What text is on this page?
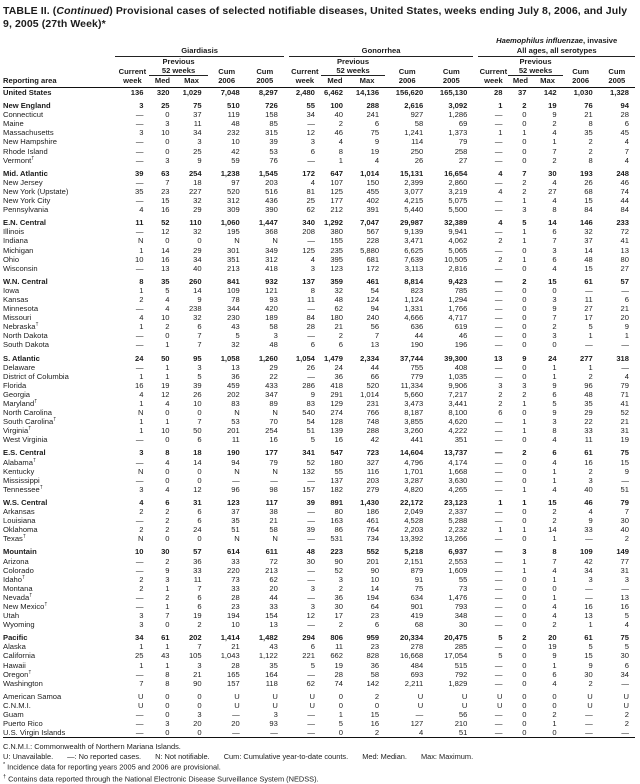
TABLE II. (Continued) Provisional cases of selected notifiable diseases, United States, weeks ending July 8, 2006, and July 9, 2005 (27th Week)*
													Haemophilus influenzae, invasive				
	Giardiasis						Gonorrhea						All ages, all serotypes				
		Previous						Previous						Previous			
	Current	52 weeks		Cum	Cum		Current	52 weeks		Cum	Cum		Current	52 weeks		Cum	Cum
Reporting area	week	Med	Max	2006	2005		week	Med	Max	2006	2005		week	Med	Max	2006	2005
United States	136	320	1,029	7,048	8,297		2,480	6,462	14,136	156,620	165,130		28	37	142	1,030	1,328

New England	3	25	75	510	726		55	100	288	2,616	3,092		1	2	19	76	94
Connecticut	—	0	37	119	158		34	40	241	927	1,286		—	0	9	21	28
Maine	—	3	11	48	85		—	2	6	58	69		—	0	2	8	6
Massachusetts	3	10	34	232	315		12	46	75	1,241	1,373		1	1	4	35	45
New Hampshire	—	0	3	10	39		3	4	9	114	79		—	0	1	2	4
Rhode Island	—	0	25	42	53		6	8	19	250	258		—	0	7	2	7
Vermont†	—	3	9	59	76		—	1	4	26	27		—	0	2	8	4

Mid. Atlantic	39	63	254	1,238	1,545		172	647	1,014	15,131	16,654		4	7	30	193	248
New Jersey	—	7	18	97	203		4	107	150	2,399	2,860		—	2	4	26	46
New York (Upstate)	35	23	227	520	516		81	125	455	3,077	3,219		4	2	27	68	74
New York City	—	15	32	312	436		25	177	402	4,215	5,075		—	1	4	15	44
Pennsylvania	4	16	29	309	390		62	212	391	5,440	5,500		—	3	8	84	84

E.N. Central	11	52	110	1,060	1,447		340	1,292	7,047	29,987	32,389		4	5	14	146	233
Illinois	—	12	32	195	368		208	380	567	9,139	9,941		—	1	6	32	72
Indiana	N	0	0	N	N		—	155	228	3,471	4,062		2	1	7	37	41
Michigan	1	14	29	301	349		125	235	5,880	6,625	5,065		—	0	3	14	13
Ohio	10	16	34	351	312		4	395	681	7,639	10,505		2	1	6	48	80
Wisconsin	—	13	40	213	418		3	123	172	3,113	2,816		—	0	4	15	27

W.N. Central	8	35	260	841	932		137	359	461	8,814	9,423		—	2	15	61	57
Iowa	1	5	14	109	121		8	32	54	823	785		—	0	0	—	—
Kansas	2	4	9	78	93		11	48	124	1,124	1,294		—	0	3	11	6
Minnesota	—	4	238	344	420		—	62	94	1,331	1,766		—	0	9	27	21
Missouri	4	10	32	230	189		84	180	240	4,666	4,717		—	0	7	17	20
Nebraska†	1	2	6	43	58		28	21	56	636	619		—	0	2	5	9
North Dakota	—	0	7	5	3		—	2	7	44	46		—	0	3	1	1
South Dakota	—	1	7	32	48		6	6	13	190	196		—	0	0	—	—

S. Atlantic	24	50	95	1,058	1,260		1,054	1,479	2,334	37,744	39,300		13	9	24	277	318
Delaware	—	1	3	13	29		26	24	44	755	408		—	0	1	1	—
District of Columbia	1	1	5	36	22		—	36	66	779	1,035		—	0	1	2	4
Florida	16	19	39	459	433		286	418	520	11,334	9,906		3	3	9	96	79
Georgia	4	12	26	202	347		9	291	1,014	5,660	7,217		2	2	6	48	71
Maryland†	1	4	10	83	89		83	129	231	3,473	3,441		2	1	5	35	41
North Carolina	N	0	0	N	N		540	274	766	8,187	8,100		6	0	9	29	52
South Carolina†	1	1	7	53	70		54	128	748	3,855	4,620		—	1	3	22	21
Virginia†	1	10	50	201	254		51	139	288	3,260	4,222		—	1	8	33	31
West Virginia	—	0	6	11	16		5	16	42	441	351		—	0	4	11	19

E.S. Central	3	8	18	190	177		341	547	723	14,604	13,737		—	2	6	61	75
Alabama†	—	4	14	94	79		52	180	327	4,796	4,174		—	0	4	16	15
Kentucky	N	0	0	N	N		132	55	116	1,701	1,668		—	0	1	2	9
Mississippi	—	0	0	—	—		—	137	203	3,287	3,630		—	0	1	3	—
Tennessee†	3	4	12	96	98		157	182	279	4,820	4,265		—	1	4	40	51

W.S. Central	4	6	31	123	117		39	891	1,430	22,172	23,123		1	1	15	46	79
Arkansas	2	2	6	37	38		—	80	186	2,049	2,337		—	0	2	4	7
Louisiana	—	2	6	35	21		—	163	461	4,528	5,288		—	0	2	9	30
Oklahoma	2	2	24	51	58		39	86	764	2,203	2,232		1	1	14	33	40
Texas†	N	0	0	N	N		—	531	734	13,392	13,266		—	0	1	—	2

Mountain	10	30	57	614	611		48	223	552	5,218	6,937		—	3	8	109	149
Arizona	—	2	36	33	72		30	90	201	2,151	2,553		—	1	7	42	77
Colorado	—	9	33	220	213		—	52	90	879	1,609		—	1	4	34	31
Idaho†	2	3	11	73	62		—	3	10	91	55		—	0	1	3	3
Montana	2	1	7	33	20		3	2	14	75	73		—	0	0	—	—
Nevada†	—	2	6	28	44		—	36	194	634	1,476		—	0	1	—	13
New Mexico†	—	1	6	23	33		3	30	64	901	793		—	0	4	16	16
Utah	3	7	19	194	154		12	17	23	419	348		—	0	4	13	5
Wyoming	3	0	2	10	13		—	2	6	68	30		—	0	2	1	4

Pacific	34	61	202	1,414	1,482		294	806	959	20,334	20,475		5	2	20	61	75
Alaska	1	1	7	21	43		6	11	23	278	285		—	0	19	5	5
California	25	43	105	1,043	1,122		221	662	828	16,668	17,054		5	0	9	15	30
Hawaii	1	1	3	28	35		5	19	36	484	515		—	0	1	9	6
Oregon†	—	8	21	165	164		—	28	58	693	792		—	0	6	30	34
Washington	7	8	90	157	118		62	74	142	2,211	1,829		—	0	4	2	—

American Samoa	U	0	0	U	U		U	0	2	U	U		U	0	0	U	U
C.N.M.I.	U	0	0	U	U		U	0	0	U	U		U	0	0	U	U
Guam	—	0	3	—	3		—	1	15	—	56		—	0	2	—	2
Puerto Rico	—	3	20	20	93		—	5	16	127	210		—	0	1	—	2
U.S. Virgin Islands	—	0	0	—	—		—	0	2	4	51		—	0	0	—	—
C.N.M.I.: Commonwealth of Northern Mariana Islands.
U: Unavailable. —: No reported cases. N: Not notifiable. Cum: Cumulative year-to-date counts. Med: Median. Max: Maximum.
* Incidence data for reporting years 2005 and 2006 are provisional.
† Contains data reported through the National Electronic Disease Surveillance System (NEDSS).
